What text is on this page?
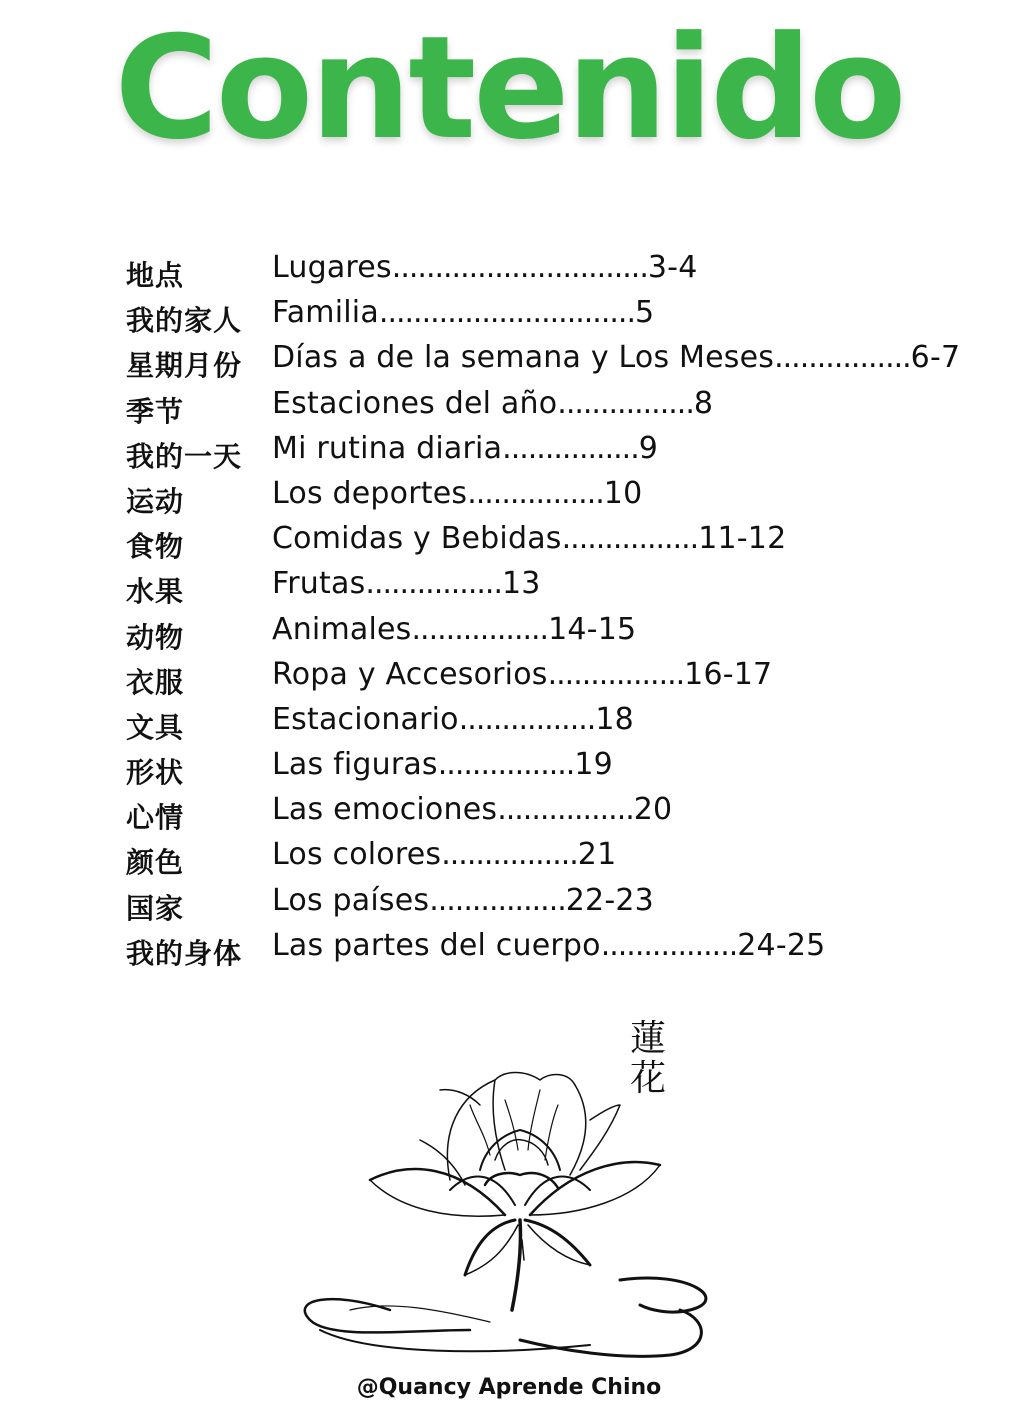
Contenido
地点	Lugares..............................3-4
我的家人 Familia..............................5
星期月份 Días a de la semana y Los Meses................6-7
季节	Estaciones del año................8
我的一天 Mi rutina diaria................9
运动	Los deportes................10
食物	Comidas y Bebidas................11-12
水果	Frutas................13
动物	Animales................14-15
衣服	Ropa y Accesorios................16-17
文具	Estacionario................18
形状	Las figuras................19
心情	Las emociones................20
颜色	Los colores................21
国家	Los países................22-23
我的身体 Las partes del cuerpo................24-25
蓮
花
@Quancy Aprende Chino
